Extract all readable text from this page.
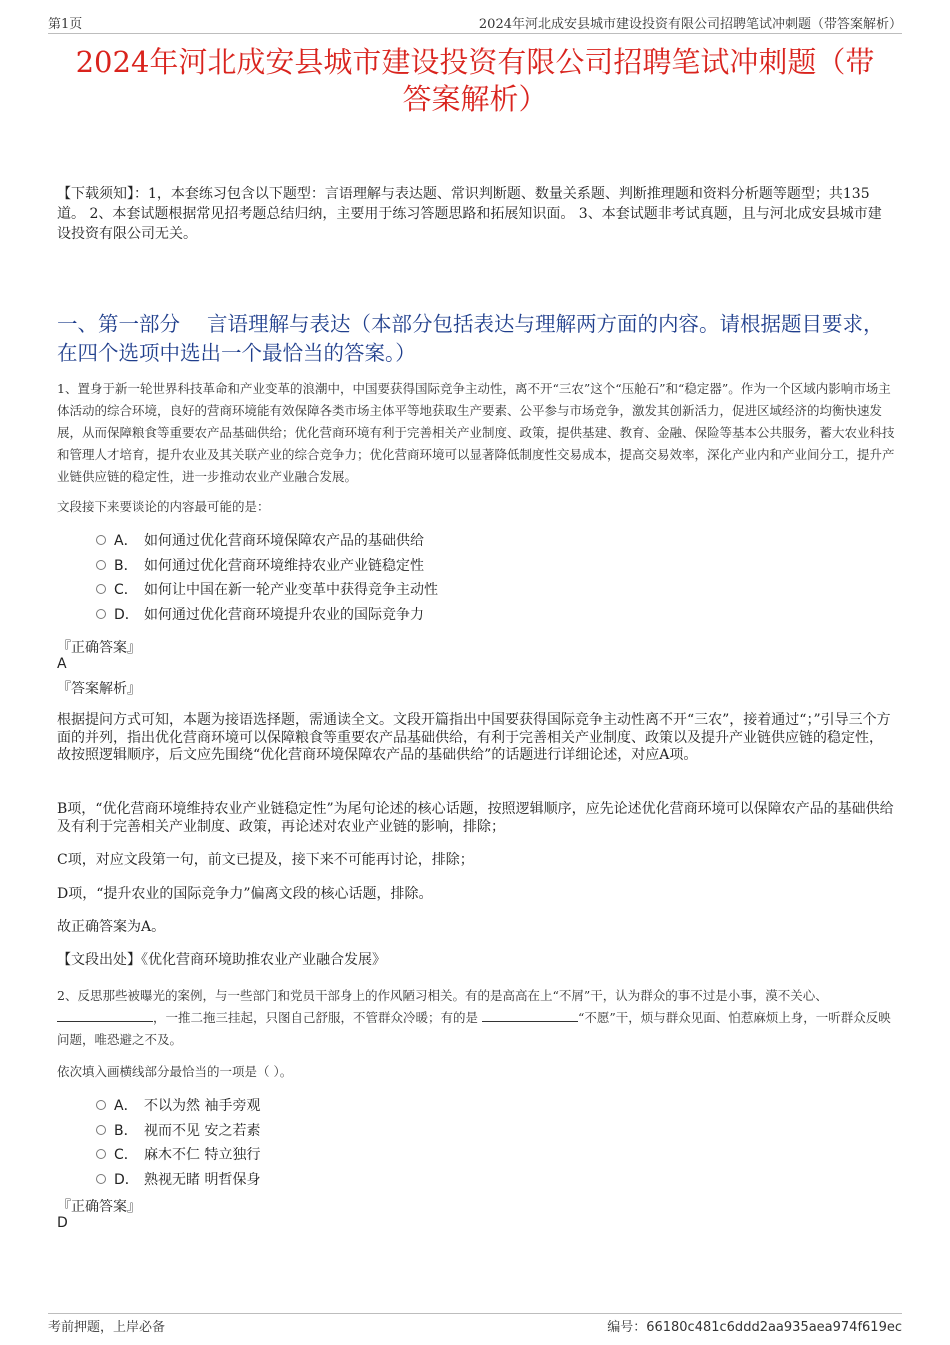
第1页	2024年河北成安县城市建设投资有限公司招聘笔试冲刺题（带答案解析）
2024年河北成安县城市建设投资有限公司招聘笔试冲刺题（带
答案解析）
【下载须知】：1，本套练习包含以下题型：言语理解与表达题、常识判断题、数量关系题、判断推理题和资料分析题等题型；共135道。 2、本套试题根据常见招考题总结归纳，主要用于练习答题思路和拓展知识面。 3、本套试题非考试真题，且与河北成安县城市建设投资有限公司无关。
一、第一部分　 言语理解与表达（本部分包括表达与理解两方面的内容。请根据题目要求，在四个选项中选出一个最恰当的答案。）
1、置身于新一轮世界科技革命和产业变革的浪潮中，中国要获得国际竞争主动性，离不开“三农”这个“压舱石”和“稳定器”。作为一个区域内影响市场主体活动的综合环境，良好的营商环境能有效保障各类市场主体平等地获取生产要素、公平参与市场竞争，激发其创新活力，促进区域经济的均衡快速发展，从而保障粮食等重要农产品基础供给；优化营商环境有利于完善相关产业制度、政策，提供基建、教育、金融、保险等基本公共服务，蓄大农业科技和管理人才培育，提升农业及其关联产业的综合竞争力；优化营商环境可以显著降低制度性交易成本，提高交易效率，深化产业内和产业间分工，提升产业链供应链的稳定性，进一步推动农业产业融合发展。
文段接下来要谈论的内容最可能的是：
A． 如何通过优化营商环境保障农产品的基础供给
B． 如何通过优化营商环境维持农业产业链稳定性
C． 如何让中国在新一轮产业变革中获得竞争主动性
D． 如何通过优化营商环境提升农业的国际竞争力
『正确答案』
A
『答案解析』
根据提问方式可知，本题为接语选择题，需通读全文。文段开篇指出中国要获得国际竞争主动性离不开“三农”，接着通过“；”引导三个方面的并列，指出优化营商环境可以保障粮食等重要农产品基础供给，有利于完善相关产业制度、政策以及提升产业链供应链的稳定性，故按照逻辑顺序，后文应先围绕“优化营商环境保障农产品的基础供给”的话题进行详细论述，对应A项。
B项，“优化营商环境维持农业产业链稳定性”为尾句论述的核心话题，按照逻辑顺序，应先论述优化营商环境可以保障农产品的基础供给及有利于完善相关产业制度、政策，再论述对农业产业链的影响，排除；
C项，对应文段第一句，前文已提及，接下来不可能再讨论，排除；
D项，“提升农业的国际竞争力”偏离文段的核心话题，排除。
故正确答案为A。
【文段出处】《优化营商环境助推农业产业融合发展》
2、反思那些被曝光的案例，与一些部门和党员干部身上的作风陋习相关。有的是高高在上“不屑”干，认为群众的事不过是小事，漠不关心、，一推二拖三挂起，只图自己舒服，不管群众冷暖；有的是	“不愿”干，烦与群众见面、怕惹麻烦上身，一听群众反映问题，唯恐避之不及。
依次填入画横线部分最恰当的一项是（ ）。
A． 不以为然 袖手旁观
B． 视而不见 安之若素
C． 麻木不仁 特立独行
D． 熟视无睹 明哲保身
『正确答案』
D
考前押题，上岸必备	编号：66180c481c6ddd2aa935aea974f619ec
